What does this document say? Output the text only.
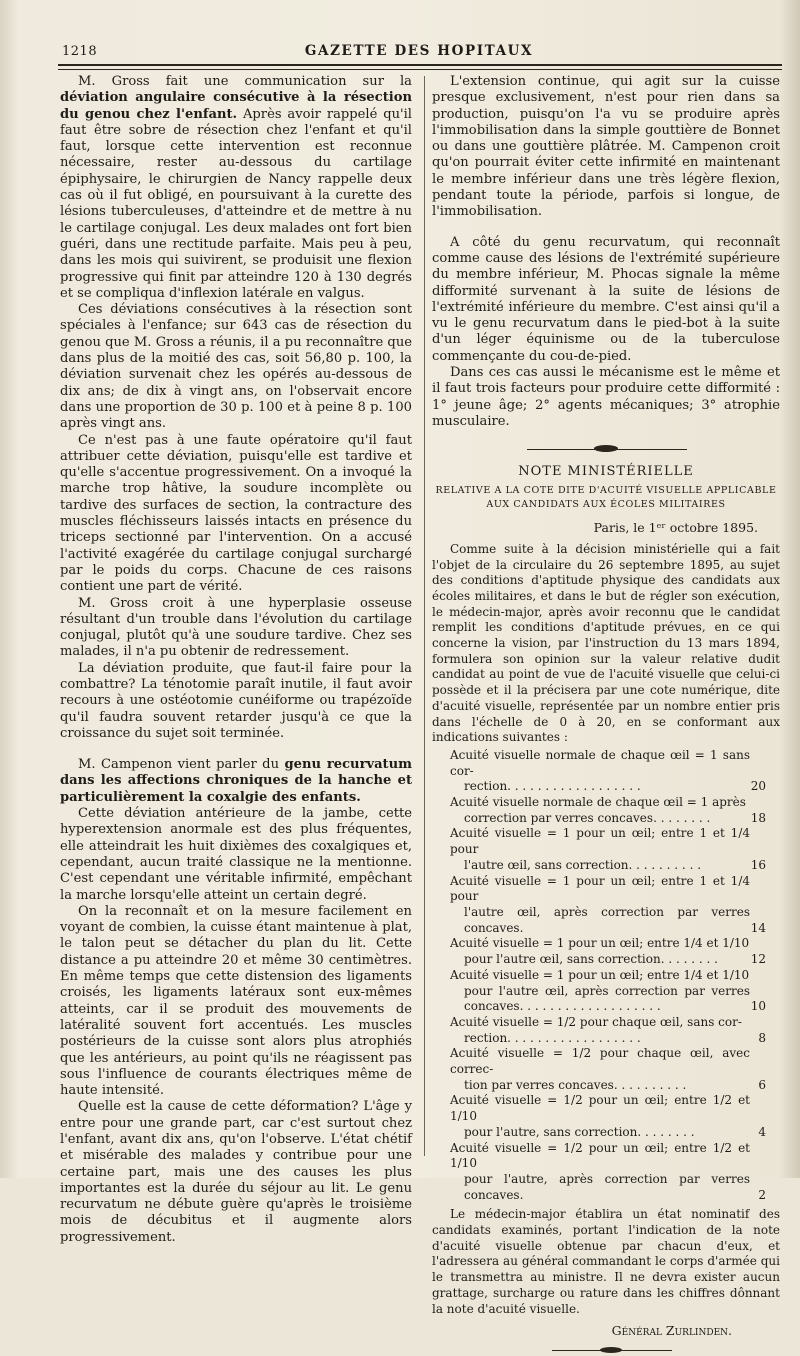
1218	GAZETTE DES HOPITAUX

M. Gross fait une communication sur la déviation angulaire consécutive à la résection du genou chez l'enfant. Après avoir rappelé qu'il faut être sobre de résection chez l'enfant et qu'il faut, lorsque cette intervention est reconnue nécessaire, rester au-dessous du cartilage épiphysaire, le chirurgien de Nancy rappelle deux cas où il fut obligé, en poursuivant à la curette des lésions tuberculeuses, d'atteindre et de mettre à nu le cartilage conjugal. Les deux malades ont fort bien guéri, dans une rectitude parfaite. Mais peu à peu, dans les mois qui suivirent, se produisit une flexion progressive qui finit par atteindre 120 à 130 degrés et se compliqua d'inflexion latérale en valgus.

Ces déviations consécutives à la résection sont spéciales à l'enfance; sur 643 cas de résection du genou que M. Gross a réunis, il a pu reconnaître que dans plus de la moitié des cas, soit 56,80 p. 100, la déviation survenait chez les opérés au-dessous de dix ans; de dix à vingt ans, on l'observait encore dans une proportion de 30 p. 100 et à peine 8 p. 100 après vingt ans.

Ce n'est pas à une faute opératoire qu'il faut attribuer cette déviation, puisqu'elle est tardive et qu'elle s'accentue progressivement. On a invoqué la marche trop hâtive, la soudure incomplète ou tardive des surfaces de section, la contracture des muscles fléchisseurs laissés intacts en présence du triceps sectionné par l'intervention. On a accusé l'activité exagérée du cartilage conjugal surchargé par le poids du corps. Chacune de ces raisons contient une part de vérité.

M. Gross croit à une hyperplasie osseuse résultant d'un trouble dans l'évolution du cartilage conjugal, plutôt qu'à une soudure tardive. Chez ses malades, il n'a pu obtenir de redressement.

La déviation produite, que faut-il faire pour la combattre? La ténotomie paraît inutile, il faut avoir recours à une ostéotomie cunéiforme ou trapézoïde qu'il faudra souvent retarder jusqu'à ce que la croissance du sujet soit terminée.

M. Campenon vient parler du genu recurvatum dans les affections chroniques de la hanche et particulièrement la coxalgie des enfants.

Cette déviation antérieure de la jambe, cette hyperextension anormale est des plus fréquentes, elle atteindrait les huit dixièmes des coxalgiques et, cependant, aucun traité classique ne la mentionne. C'est cependant une véritable infirmité, empêchant la marche lorsqu'elle atteint un certain degré.

On la reconnaît et on la mesure facilement en voyant de combien, la cuisse étant maintenue à plat, le talon peut se détacher du plan du lit. Cette distance a pu atteindre 20 et même 30 centimètres. En même temps que cette distension des ligaments croisés, les ligaments latéraux sont eux-mêmes atteints, car il se produit des mouvements de latéralité souvent fort accentués. Les muscles postérieurs de la cuisse sont alors plus atrophiés que les antérieurs, au point qu'ils ne réagissent pas sous l'influence de courants électriques même de haute intensité.

Quelle est la cause de cette déformation? L'âge y entre pour une grande part, car c'est surtout chez l'enfant, avant dix ans, qu'on l'observe. L'état chétif et misérable des malades y contribue pour une certaine part, mais une des causes les plus importantes est la durée du séjour au lit. Le genu recurvatum ne débute guère qu'après le troisième mois de décubitus et il augmente alors progressivement.

L'extension continue, qui agit sur la cuisse presque exclusivement, n'est pour rien dans sa production, puisqu'on l'a vu se produire après l'immobilisation dans la simple gouttière de Bonnet ou dans une gouttière plâtrée. M. Campenon croit qu'on pourrait éviter cette infirmité en maintenant le membre inférieur dans une très légère flexion, pendant toute la période, parfois si longue, de l'immobilisation.

A côté du genu recurvatum, qui reconnaît comme cause des lésions de l'extrémité supérieure du membre inférieur, M. Phocas signale la même difformité survenant à la suite de lésions de l'extrémité inférieure du membre. C'est ainsi qu'il a vu le genu recurvatum dans le pied-bot à la suite d'un léger équinisme ou de la tuberculose commençante du cou-de-pied.

Dans ces cas aussi le mécanisme est le même et il faut trois facteurs pour produire cette difformité : 1° jeune âge; 2° agents mécaniques; 3° atrophie musculaire.

NOTE MINISTÉRIELLE
RELATIVE A LA COTE DITE D'ACUITÉ VISUELLE APPLICABLE AUX CANDIDATS AUX ÉCOLES MILITAIRES
Paris, le 1ᵉʳ octobre 1895.

Comme suite à la décision ministérielle qui a fait l'objet de la circulaire du 26 septembre 1895, au sujet des conditions d'aptitude physique des candidats aux écoles militaires, et dans le but de régler son exécution, le médecin-major, après avoir reconnu que le candidat remplit les conditions d'aptitude prévues, en ce qui concerne la vision, par l'instruction du 13 mars 1894, formulera son opinion sur la valeur relative dudit candidat au point de vue de l'acuité visuelle que celui-ci possède et il la précisera par une cote numérique, dite d'acuité visuelle, représentée par un nombre entier pris dans l'échelle de 0 à 20, en se conformant aux indications suivantes :

Acuité visuelle normale de chaque œil = 1 sans cor-
rection. . . . . . . . . . . . . . . . . .	20
Acuité visuelle normale de chaque œil = 1 après
correction par verres concaves. . . . . . . .	18
Acuité visuelle = 1 pour un œil; entre 1 et 1/4 pour
l'autre œil, sans correction. . . . . . . . . .	16
Acuité visuelle = 1 pour un œil; entre 1 et 1/4 pour
l'autre œil, après correction par verres concaves.	14
Acuité visuelle = 1 pour un œil; entre 1/4 et 1/10
pour l'autre œil, sans correction. . . . . . . .	12
Acuité visuelle = 1 pour un œil; entre 1/4 et 1/10
pour l'autre œil, après correction par verres concaves. . . . . . . . . . . . . . . . . . .	10
Acuité visuelle = 1/2 pour chaque œil, sans cor-
rection. . . . . . . . . . . . . . . . . .	8
Acuité visuelle = 1/2 pour chaque œil, avec correc-
tion par verres concaves. . . . . . . . . .	6
Acuité visuelle = 1/2 pour un œil; entre 1/2 et 1/10
pour l'autre, sans correction. . . . . . . .	4
Acuité visuelle = 1/2 pour un œil; entre 1/2 et 1/10
pour l'autre, après correction par verres concaves.	2

Le médecin-major établira un état nominatif des candidats examinés, portant l'indication de la note d'acuité visuelle obtenue par chacun d'eux, et l'adressera au général commandant le corps d'armée qui le transmettra au ministre. Il ne devra exister aucun grattage, surcharge ou rature dans les chiffres dônnant la note d'acuité visuelle.

Général Zurlinden.
